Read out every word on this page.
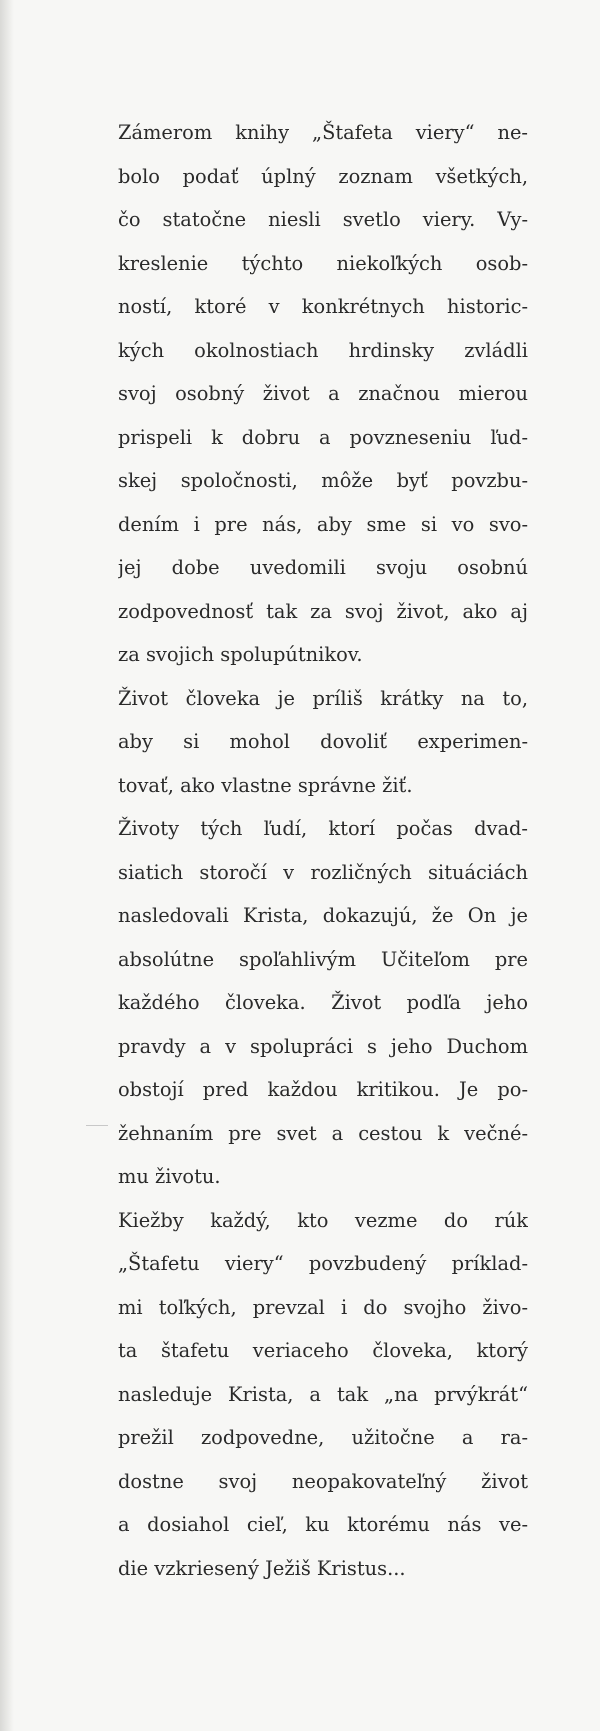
Zámerom knihy „Štafeta viery“ ne-
bolo podať úplný zoznam všetkých,
čo statočne niesli svetlo viery. Vy-
kreslenie týchto niekoľkých osob-
ností, ktoré v konkrétnych historic-
kých okolnostiach hrdinsky zvládli
svoj osobný život a značnou mierou
prispeli k dobru a povzneseniu ľud-
skej spoločnosti, môže byť povzbu-
dením i pre nás, aby sme si vo svo-
jej dobe uvedomili svoju osobnú
zodpovednosť tak za svoj život, ako aj
za svojich spolupútnikov.
Život človeka je príliš krátky na to,
aby si mohol dovoliť experimen-
tovať, ako vlastne správne žiť.
Životy tých ľudí, ktorí počas dvad-
siatich storočí v rozličných situáciách
nasledovali Krista, dokazujú, že On je
absolútne spoľahlivým Učiteľom pre
každého človeka. Život podľa jeho
pravdy a v spolupráci s jeho Duchom
obstojí pred každou kritikou. Je po-
žehnaním pre svet a cestou k večné-
mu životu.
Kiežby každý, kto vezme do rúk
„Štafetu viery“ povzbudený príklad-
mi toľkých, prevzal i do svojho živo-
ta štafetu veriaceho človeka, ktorý
nasleduje Krista, a tak „na prvýkrát“
prežil zodpovedne, užitočne a ra-
dostne svoj neopakovateľný život
a dosiahol cieľ, ku ktorému nás ve-
die vzkriesený Ježiš Kristus...
